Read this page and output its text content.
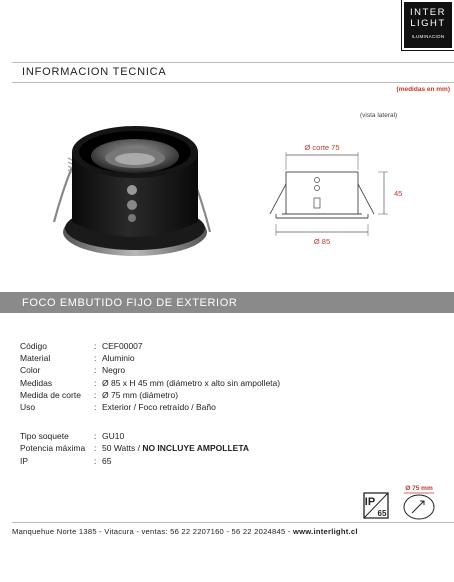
INTER
LIGHT
ILUMINACION
INFORMACION TECNICA
(medidas en mm)
(vista lateral)
Ø corte 75
45
Ø 85
FOCO EMBUTIDO FIJO DE EXTERIOR
Código	: CEF00007
Material	: Aluminio
Color	: Negro
Medidas	: Ø 85 x H 45 mm (diámetro x alto sin ampolleta)
Medida de corte	: Ø 75 mm (diámetro)
Uso	: Exterior / Foco retraído / Baño
Tipo soquete	: GU10
Potencia máxima	: 50 Watts / NO INCLUYE AMPOLLETA
IP	: 65
IP
65
Ø 75 mm
Manquehue Norte 1385 - Vitacura - ventas: 56 22 2207160 - 56 22 2024845 - www.interlight.cl
